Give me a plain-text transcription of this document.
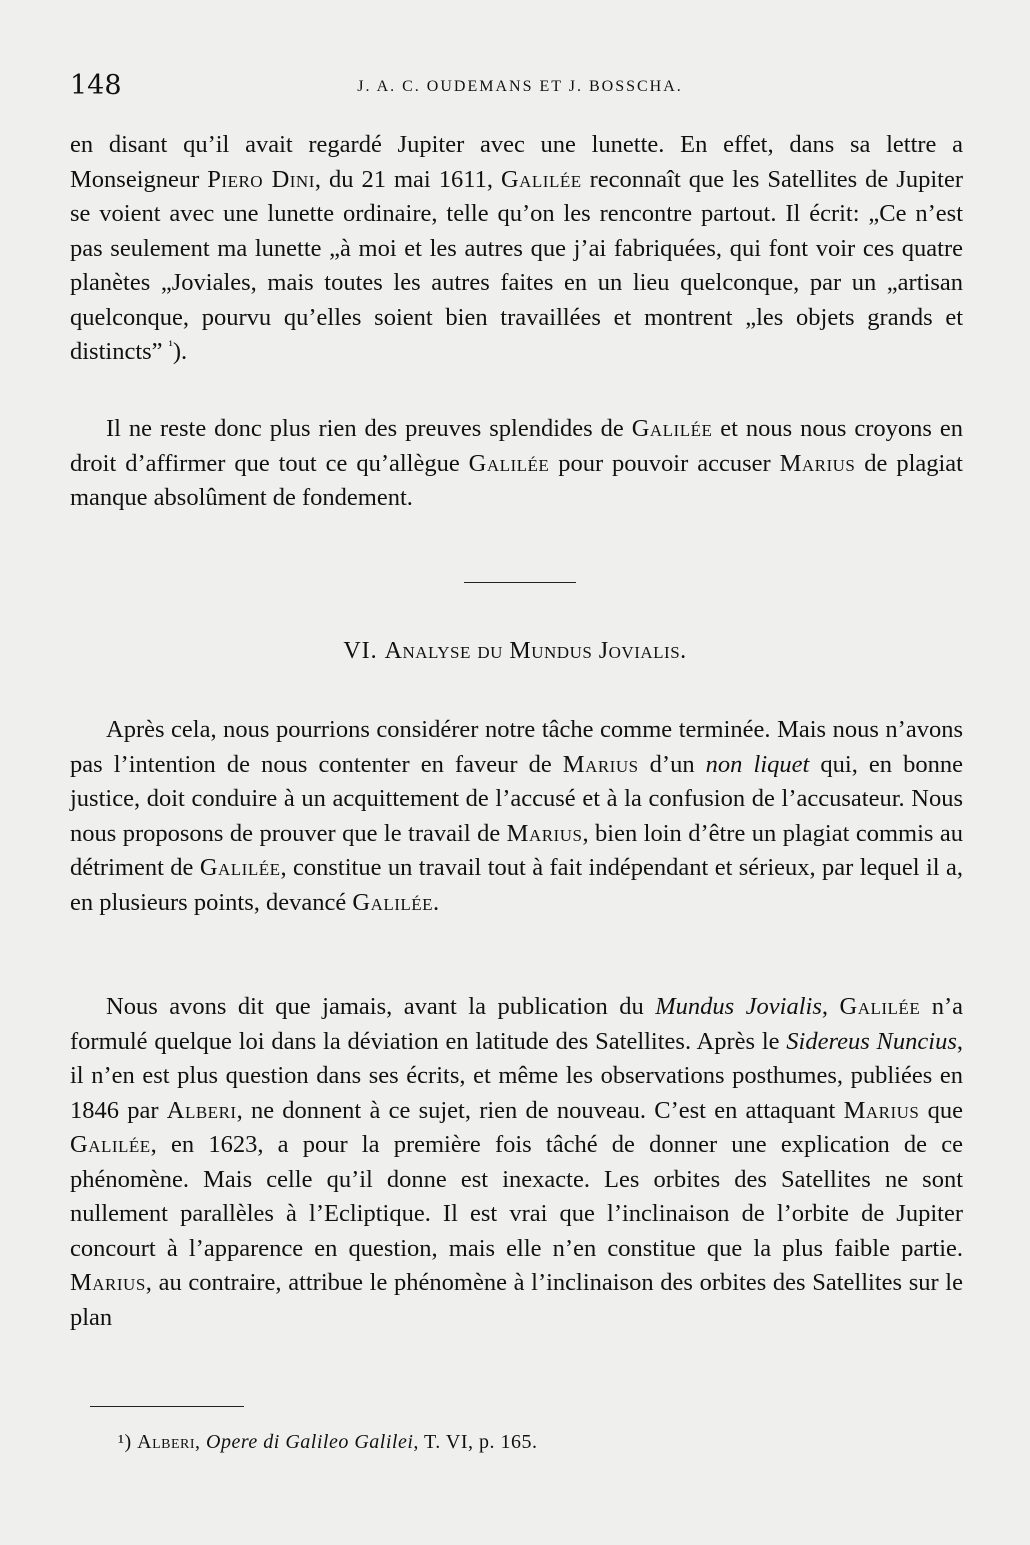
148	J. A. C. OUDEMANS ET J. BOSSCHA.

en disant qu’il avait regardé Jupiter avec une lunette. En effet, dans sa lettre a Monseigneur Piero Dini, du 21 mai 1611, Galilée reconnaît que les Satellites de Jupiter se voient avec une lunette ordinaire, telle qu’on les rencontre partout. Il écrit: „Ce n’est pas seulement ma lunette „à moi et les autres que j’ai fabriquées, qui font voir ces quatre planètes „Joviales, mais toutes les autres faites en un lieu quelconque, par un „artisan quelconque, pourvu qu’elles soient bien travaillées et montrent „les objets grands et distincts” $^{^1}$).

Il ne reste donc plus rien des preuves splendides de Galilée et nous nous croyons en droit d’affirmer que tout ce qu’allègue Galilée pour pouvoir accuser Marius de plagiat manque absolûment de fondement.

VI. Analyse du Mundus Jovialis.

Après cela, nous pourrions considérer notre tâche comme terminée. Mais nous n’avons pas l’intention de nous contenter en faveur de Marius d’un non liquet qui, en bonne justice, doit conduire à un acquittement de l’accusé et à la confusion de l’accusateur. Nous nous proposons de prouver que le travail de Marius, bien loin d’être un plagiat commis au détriment de Galilée, constitue un travail tout à fait indépendant et sérieux, par lequel il a, en plusieurs points, devancé Galilée.

Nous avons dit que jamais, avant la publication du Mundus Jovialis, Galilée n’a formulé quelque loi dans la déviation en latitude des Satellites. Après le Sidereus Nuncius, il n’en est plus question dans ses écrits, et même les observations posthumes, publiées en 1846 par Alberi, ne donnent à ce sujet, rien de nouveau. C’est en attaquant Marius que Galilée, en 1623, a pour la première fois tâché de donner une explication de ce phénomène. Mais celle qu’il donne est inexacte. Les orbites des Satellites ne sont nullement parallèles à l’Ecliptique. Il est vrai que l’inclinaison de l’orbite de Jupiter concourt à l’apparence en question, mais elle n’en constitue que la plus faible partie. Marius, au contraire, attribue le phénomène à l’inclinaison des orbites des Satellites sur le plan

¹) Alberi, Opere di Galileo Galilei, T. VI, p. 165.
